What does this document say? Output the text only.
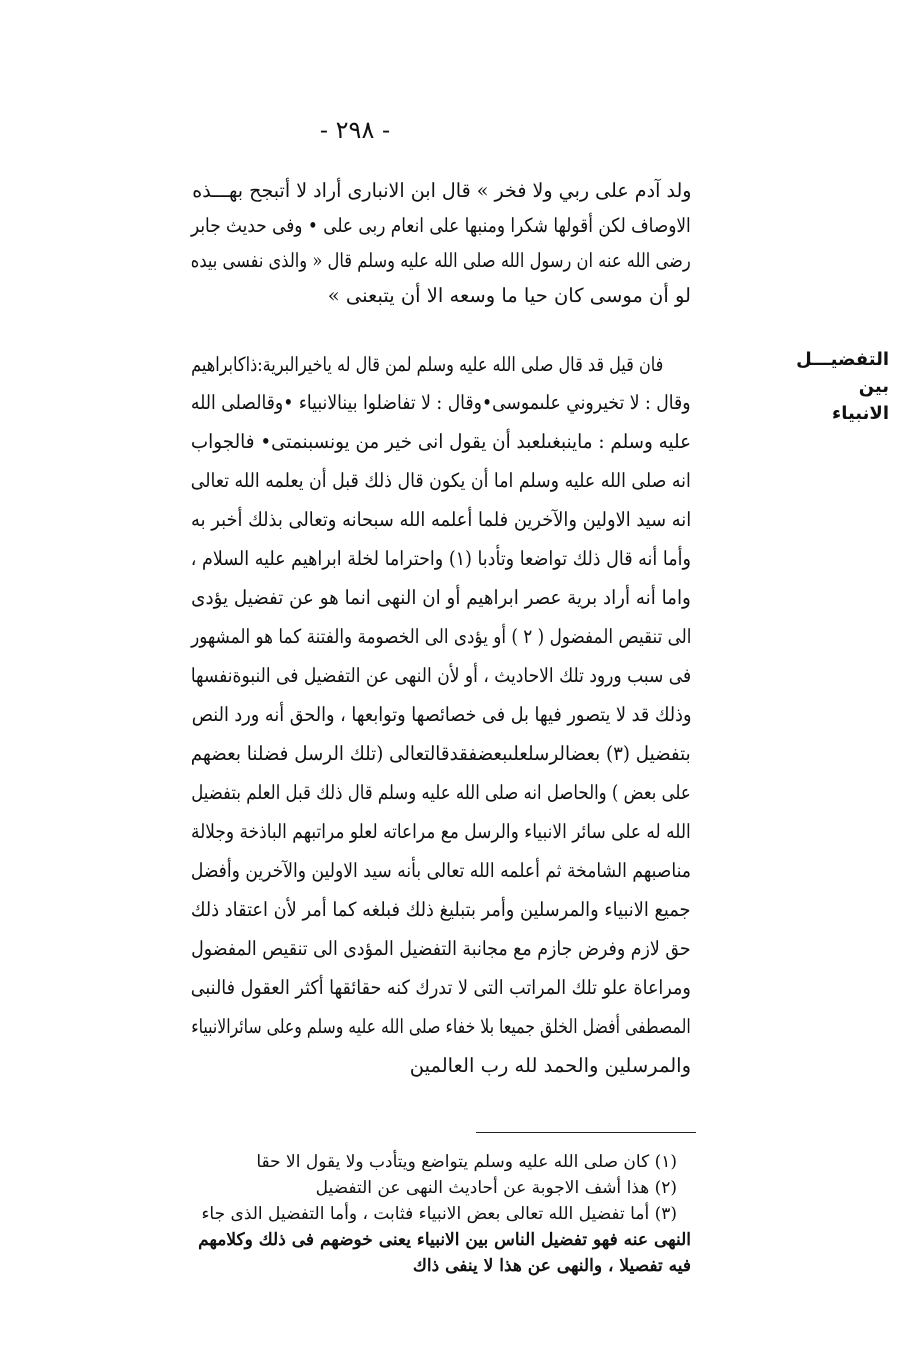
- ٢٩٨ -
ولد آدم على ربي ولا فخر » قال ابن الانبارى أراد لا أتبجح بهـــذه
الاوصاف لكن أقولها شكرا ومنبها على انعام ربى على • وفى حديث جابر
رضى الله عنه ان رسول الله صلى الله عليه وسلم قال « والذى نفسى بيده
لو أن موسى كان حيا ما وسعه الا أن يتبعنى »
التفضيـــل بين
الانبياء
فان قيل قد قال صلى الله عليه وسلم لمن قال له ياخيرالبرية:ذاكابراهيم
وقال : لا تخيروني علىموسى•وقال : لا تفاضلوا بينالانبياء •وقالصلى الله
عليه وسلم : ماينبغىلعبد أن يقول انى خير من يونسبنمتى• فالجواب
انه صلى الله عليه وسلم اما أن يكون قال ذلك قبل أن يعلمه الله تعالى
انه سيد الاولين والآخرين فلما أعلمه الله سبحانه وتعالى بذلك أخبر به
وأما أنه قال ذلك تواضعا وتأدبا (١) واحتراما لخلة ابراهيم عليه السلام ،
واما أنه أراد برية عصر ابراهيم أو ان النهى انما هو عن تفضيل يؤدى
الى تنقيص المفضول ( ٢ ) أو يؤدى الى الخصومة والفتنة كما هو المشهور
فى سبب ورود تلك الاحاديث ، أو لأن النهى عن التفضيل فى النبوةنفسها
وذلك قد لا يتصور فيها بل فى خصائصها وتوابعها ، والحق أنه ورد النص
بتفضيل (٣) بعضالرسلعلىبعضفقدقالتعالى (تلك الرسل فضلنا بعضهم
على بعض ) والحاصل انه صلى الله عليه وسلم قال ذلك قبل العلم بتفضيل
الله له على سائر الانبياء والرسل مع مراعاته لعلو مراتبهم الباذخة وجلالة
مناصبهم الشامخة ثم أعلمه الله تعالى بأنه سيد الاولين والآخرين وأفضل
جميع الانبياء والمرسلين وأمر بتبليغ ذلك فبلغه كما أمر لأن اعتقاد ذلك
حق لازم وفرض جازم مع مجانبة التفضيل المؤدى الى تنقيص المفضول
ومراعاة علو تلك المراتب التى لا تدرك كنه حقائقها أكثر العقول فالنبى
المصطفى أفضل الخلق جميعا بلا خفاء صلى الله عليه وسلم وعلى سائرالانبياء
والمرسلين والحمد لله رب العالمين
(١) كان صلى الله عليه وسلم يتواضع ويتأدب ولا يقول الا حقا
(٢) هذا أشف الاجوبة عن أحاديث النهى عن التفضيل
(٣) أما تفضيل الله تعالى بعض الانبياء فثابت ، وأما التفضيل الذى جاء
النهى عنه فهو تفضيل الناس بين الانبياء يعنى خوضهم فى ذلك وكلامهم
فيه تفصيلا ، والنهى عن هذا لا ينفى ذاك
